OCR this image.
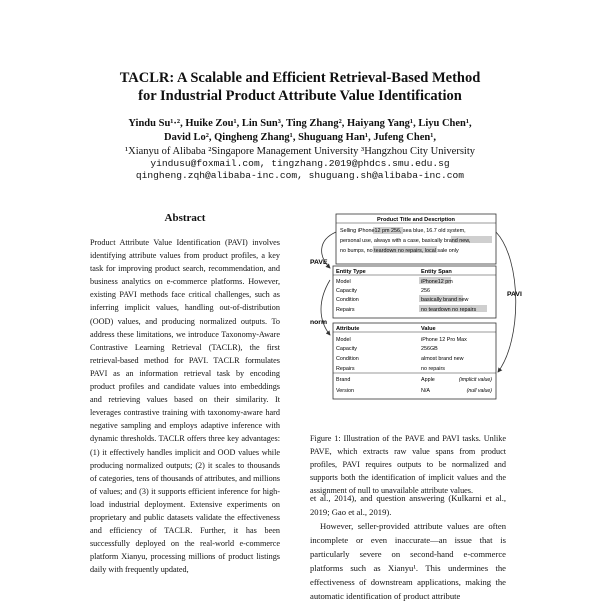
TACLR: A Scalable and Efficient Retrieval-Based Method
for Industrial Product Attribute Value Identification
Yindu Su¹·², Huike Zou¹, Lin Sun³, Ting Zhang², Haiyang Yang¹, Liyu Chen¹,
David Lo², Qingheng Zhang¹, Shuguang Han¹, Jufeng Chen¹,
¹Xianyu of Alibaba ²Singapore Management University ³Hangzhou City University
yindusu@foxmail.com, tingzhang.2019@phdcs.smu.edu.sg
qingheng.zqh@alibaba-inc.com, shuguang.sh@alibaba-inc.com
Abstract
Product Attribute Value Identification (PAVI) involves identifying attribute values from product profiles, a key task for improving product search, recommendation, and business analytics on e-commerce platforms. However, existing PAVI methods face critical challenges, such as inferring implicit values, handling out-of-distribution (OOD) values, and producing normalized outputs. To address these limitations, we introduce Taxonomy-Aware Contrastive Learning Retrieval (TACLR), the first retrieval-based method for PAVI. TACLR formulates PAVI as an information retrieval task by encoding product profiles and candidate values into embeddings and retrieving values based on their similarity. It leverages contrastive training with taxonomy-aware hard negative sampling and employs adaptive inference with dynamic thresholds. TACLR offers three key advantages: (1) it effectively handles implicit and OOD values while producing normalized outputs; (2) it scales to thousands of categories, tens of thousands of attributes, and millions of values; and (3) it supports efficient inference for high-load industrial deployment. Extensive experiments on proprietary and public datasets validate the effectiveness and efficiency of TACLR. Further, it has been successfully deployed on the real-world e-commerce platform Xianyu, processing millions of product listings daily with frequently updated,
Product Title and Description
Selling iPhone12 pm 256, sea blue, 16.7 old system,
personal use, always with a case, basically brand new,
no bumps, no teardown no repairs, local sale only
PAVE
PAVI
norm
Entity Type	Entity Span
Model	iPhone12 pm
Capacity	256
Condition	basically brand new
Repairs	no teardown no repairs
Attribute	Value
Model	iPhone 12 Pro Max
Capacity	256GB
Condition	almost brand new
Repairs	no repairs
Brand	Apple	(implicit value)
Version	N/A	(null value)
Figure 1: Illustration of the PAVE and PAVI tasks. Unlike PAVE, which extracts raw value spans from product profiles, PAVI requires outputs to be normalized and supports both the identification of implicit values and the assignment of null to unavailable attribute values.
et al., 2014), and question answering (Kulkarni et al., 2019; Gao et al., 2019).
However, seller-provided attribute values are often incomplete or even inaccurate—an issue that is particularly severe on second-hand e-commerce platforms such as Xianyu¹. This undermines the effectiveness of downstream applications, making the automatic identification of product attribute
